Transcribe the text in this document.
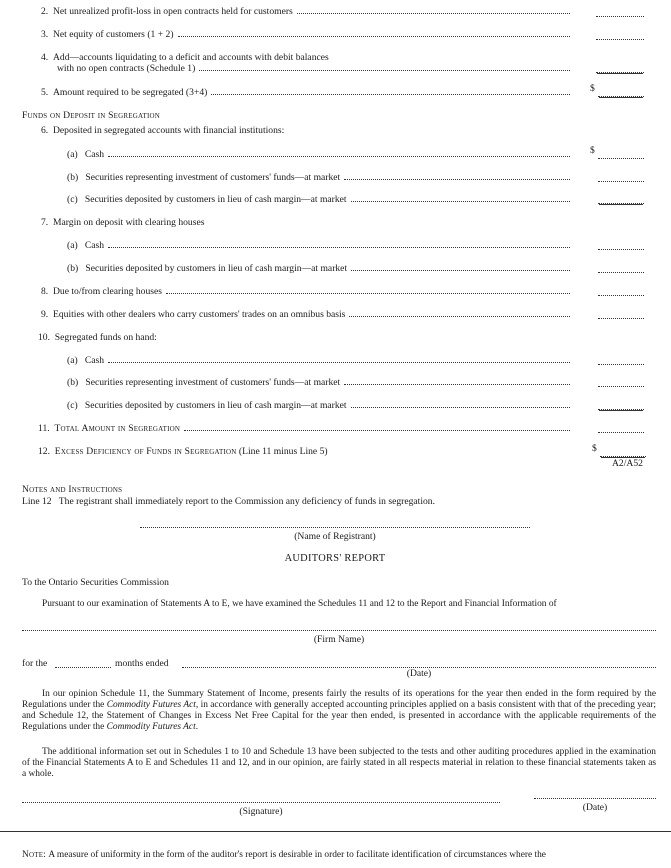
2.
Net unrealized profit-loss in open contracts held for customers
3.
Net equity of customers (1 + 2)
4. Add—accounts liquidating to a deficit and accounts with debit balances
with no open contracts (Schedule 1)
5.
Amount required to be segregated (3+4)	$
Funds on Deposit in Segregation
6. Deposited in segregated accounts with financial institutions:
(a)
Cash	$
(b)
Securities representing investment of customers' funds—at market
(c)
Securities deposited by customers in lieu of cash margin—at market
7. Margin on deposit with clearing houses
(a)
Cash
(b)
Securities deposited by customers in lieu of cash margin—at market
8.
Due to/from clearing houses
9.
Equities with other dealers who carry customers' trades on an omnibus basis
10. Segregated funds on hand:
(a)
Cash
(b)
Securities representing investment of customers' funds—at market
(c)
Securities deposited by customers in lieu of cash margin—at market
11.
Total Amount in Segregation
12. Excess Deficiency of Funds in Segregation (Line 11 minus Line 5)	$
A2/A52
Notes and Instructions
Line 12 The registrant shall immediately report to the Commission any deficiency of funds in segregation.
(Name of Registrant)
AUDITORS' REPORT
To the Ontario Securities Commission
Pursuant to our examination of Statements A to E, we have examined the Schedules 11 and 12 to the Report and Financial Information of
(Firm Name)
for the	months ended
(Date)
In our opinion Schedule 11, the Summary Statement of Income, presents fairly the results of its operations for the year then ended in the form required by the Regulations under the Commodity Futures Act, in accordance with generally accepted accounting principles applied on a basis consistent with that of the preceding year; and Schedule 12, the Statement of Changes in Excess Net Free Capital for the year then ended, is presented in accordance with the applicable requirements of the Regulations under the Commodity Futures Act.
The additional information set out in Schedules 1 to 10 and Schedule 13 have been subjected to the tests and other auditing procedures applied in the examination of the Financial Statements A to E and Schedules 11 and 12, and in our opinion, are fairly stated in all respects material in relation to these financial statements taken as a whole.
(Signature)	(Date)
Note: A measure of uniformity in the form of the auditor's report is desirable in order to facilitate identification of circumstances where the
